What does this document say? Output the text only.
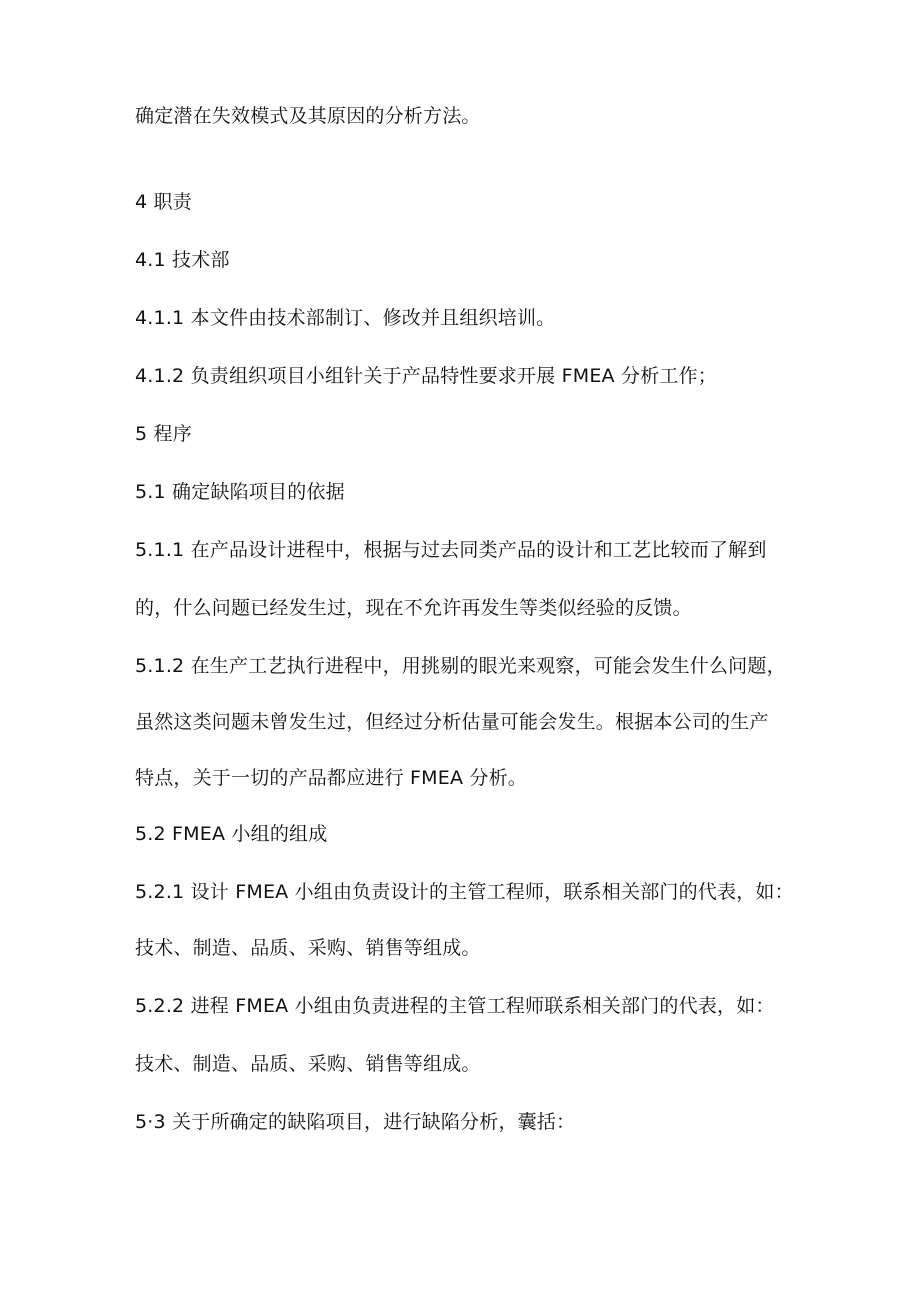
确定潜在失效模式及其原因的分析方法。
4 职责
4.1 技术部
4.1.1 本文件由技术部制订、修改并且组织培训。
4.1.2 负责组织项目小组针关于产品特性要求开展 FMEA 分析工作；
5 程序
5.1 确定缺陷项目的依据
5.1.1 在产品设计进程中，根据与过去同类产品的设计和工艺比较而了解到
的，什么问题已经发生过，现在不允许再发生等类似经验的反馈。
5.1.2 在生产工艺执行进程中，用挑剔的眼光来观察，可能会发生什么问题，
虽然这类问题未曾发生过，但经过分析估量可能会发生。根据本公司的生产
特点，关于一切的产品都应进行 FMEA 分析。
5.2 FMEA 小组的组成
5.2.1 设计 FMEA 小组由负责设计的主管工程师，联系相关部门的代表，如：
技术、制造、品质、采购、销售等组成。
5.2.2 进程 FMEA 小组由负责进程的主管工程师联系相关部门的代表，如：
技术、制造、品质、采购、销售等组成。
5·3 关于所确定的缺陷项目，进行缺陷分析，囊括：
